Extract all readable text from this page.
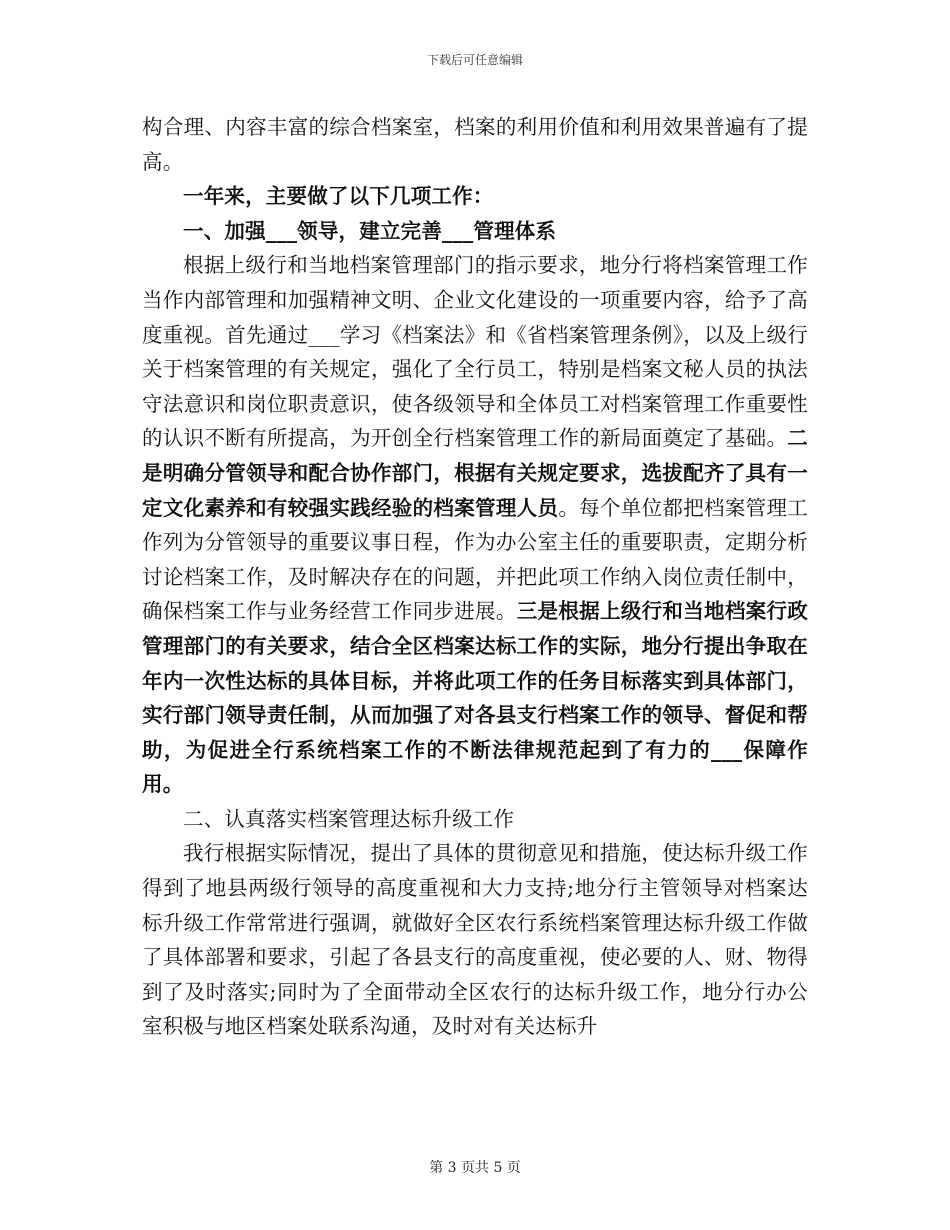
下载后可任意编辑

构合理、内容丰富的综合档案室，档案的利用价值和利用效果普遍有了提高。

一年来，主要做了以下几项工作：

一、加强___领导，建立完善___管理体系

根据上级行和当地档案管理部门的指示要求，地分行将档案管理工作当作内部管理和加强精神文明、企业文化建设的一项重要内容，给予了高度重视。首先通过___学习《档案法》和《省档案管理条例》，以及上级行关于档案管理的有关规定，强化了全行员工，特别是档案文秘人员的执法守法意识和岗位职责意识，使各级领导和全体员工对档案管理工作重要性的认识不断有所提高，为开创全行档案管理工作的新局面奠定了基础。二是明确分管领导和配合协作部门，根据有关规定要求，选拔配齐了具有一定文化素养和有较强实践经验的档案管理人员。每个单位都把档案管理工作列为分管领导的重要议事日程，作为办公室主任的重要职责，定期分析讨论档案工作，及时解决存在的问题，并把此项工作纳入岗位责任制中，确保档案工作与业务经营工作同步进展。三是根据上级行和当地档案行政管理部门的有关要求，结合全区档案达标工作的实际，地分行提出争取在年内一次性达标的具体目标，并将此项工作的任务目标落实到具体部门，实行部门领导责任制，从而加强了对各县支行档案工作的领导、督促和帮助，为促进全行系统档案工作的不断法律规范起到了有力的___保障作用。

二、认真落实档案管理达标升级工作

我行根据实际情况，提出了具体的贯彻意见和措施，使达标升级工作得到了地县两级行领导的高度重视和大力支持;地分行主管领导对档案达标升级工作常常进行强调，就做好全区农行系统档案管理达标升级工作做了具体部署和要求，引起了各县支行的高度重视，使必要的人、财、物得到了及时落实;同时为了全面带动全区农行的达标升级工作，地分行办公室积极与地区档案处联系沟通，及时对有关达标升

第 3 页共 5 页
